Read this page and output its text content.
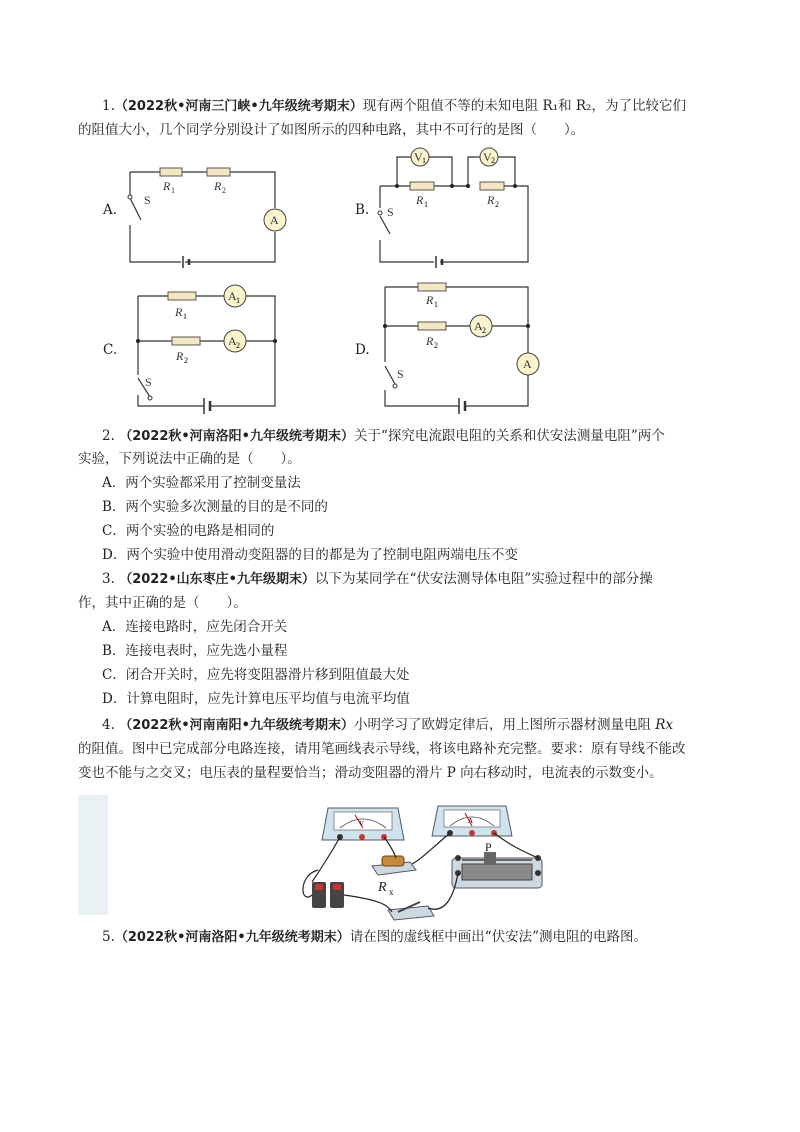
1.（2022秋•河南三门峡•九年级统考期末）现有两个阻值不等的未知电阻 R₁和 R₂，为了比较它们
的阻值大小，几个同学分别设计了如图所示的四种电路，其中不可行的是图（　　）。
A.
A
S
R 1	R 2
B.
V 1	V 2
S
R 1	R 2
C.
A 1
A 2
S
R 1
R 2
D.
A 2
A
S
R 1
R 2
2. （2022秋•河南洛阳•九年级统考期末）关于“探究电流跟电阻的关系和伏安法测量电阻”两个
实验，下列说法中正确的是（　　）。
A．两个实验都采用了控制变量法
B．两个实验多次测量的目的是不同的
C．两个实验的电路是相同的
D．两个实验中使用滑动变阻器的目的都是为了控制电阻两端电压不变
3. （2022•山东枣庄•九年级期末）以下为某同学在“伏安法测导体电阻”实验过程中的部分操
作，其中正确的是（　　）。
A．连接电路时，应先闭合开关
B．连接电表时，应先选小量程
C．闭合开关时，应先将变阻器滑片移到阻值最大处
D．计算电阻时，应先计算电压平均值与电流平均值
4. （2022秋•河南南阳•九年级统考期末）小明学习了欧姆定律后，用上图所示器材测量电阻 Rx
的阻值。图中已完成部分电路连接，请用笔画线表示导线，将该电路补充完整。要求：原有导线不能改
变也不能与之交叉；电压表的量程要恰当；滑动变阻器的滑片 P 向右移动时，电流表的示数变小。
V	A
R x
P
5.（2022秋•河南洛阳•九年级统考期末）请在图的虚线框中画出“伏安法”测电阻的电路图。
